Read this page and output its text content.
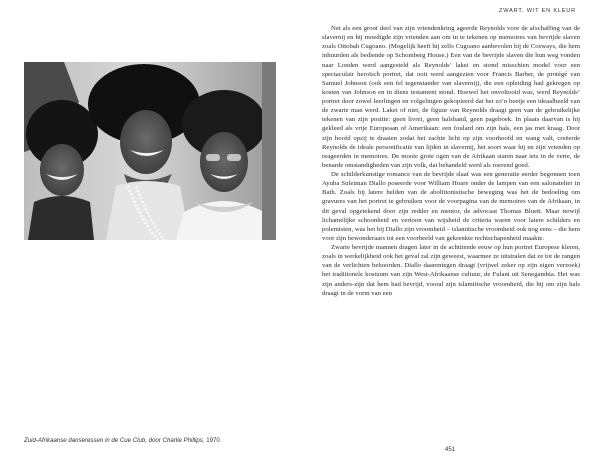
Zuid-Afrikaanse danseressen in de Cue Club, door Charlie Phillips, 1970
ZWART, WIT EN KLEUR

Net als een groot deel van zijn vriendenkring ageerde Reynolds voor de afschaffing van de slavernij en hij moedigde zijn vrienden aan om in te tekenen op memoires van bevrijde slaven zoals Ottobah Cugoano. (Mogelijk heeft hij zelfs Cugoano aanbevolen bij de Cosways, die hem inhuurden als bediende op Schomberg House.) Een van de bevrijde slaven die hun weg vonden naar Londen werd aangesteld als Reynolds’ lakei en stond misschien model voor een spectaculair heroïsch portret, dat ooit werd aangezien voor Francis Barber, de protégé van Samuel Johnson (ook een fel tegenstander van slavernij), die een opleiding had gekregen op kosten van Johnson en in diens testament stond. Hoewel het onvoltooid was, werd Reynolds’ portret door zowel leerlingen en volgelingen gekopieerd dat het zo’n beetje een ideaalbeeld van de zwarte man werd. Lakei of niet, de figuur van Reynolds draagt geen van de gebruikelijke tekenen van zijn positie: geen livrei, geen halsband, geen pageboek. In plaats daarvan is hij gekleed als vrije Europeaan of Amerikaan: een foulard om zijn hals, een jas met kraag. Door zijn hoofd opzij te draaien zodat het zachte licht op zijn voorhoofd en wang valt, creëerde Reynolds de ideale personificatie van lijden in slavernij, het soort waar hij en zijn vrienden op reageerden in memoires. De mooie grote ogen van de Afrikaan staren naar iets in de verte, de benarde omstandigheden van zijn volk, dat behandeld werd als roerend goed.

De schilderkunstige romance van de bevrijde slaaf was een generatie eerder begonnen toen Ayuba Suleiman Diallo poseerde voor William Hoare onder de lampen van een salonatelier in Bath. Zoals bij latere helden van de abolitionistische beweging was het de bedoeling om gravures van het portret te gebruiken voor de voorpagina van de memoires van de Afrikaan, in dit geval opgetekend door zijn redder en mentor, de advocaat Thomas Bluett. Maar terwijl lichamelijke schoonheid en vertoon van wijsheid de criteria waren voor latere schilders en polemisten, was het bij Diallo zijn vroomheid – islamitische vroomheid ook nog eens – die hem voor zijn bewonderaars tot een voorbeeld van gekrenkte rechtschapenheid maakte.

Zwarte bevrijde mannen dragen later in de achttiende eeuw op hun portret Europese kleren, zoals in werkelijkheid ook het geval zal zijn geweest, waarmee ze uitstralen dat ze tot de rangen van de verlichten behoorden. Diallo daarentegen draagt (vrijwel zeker op zijn eigen verzoek) het traditionele kostuum van zijn West-Afrikaanse cultuur, de Fulani uit Senegambia. Het was zijn anders-zijn dat hem had bevrijd, vooral zijn islamitische vroomheid, die hij om zijn hals draagt in de vorm van een

451
